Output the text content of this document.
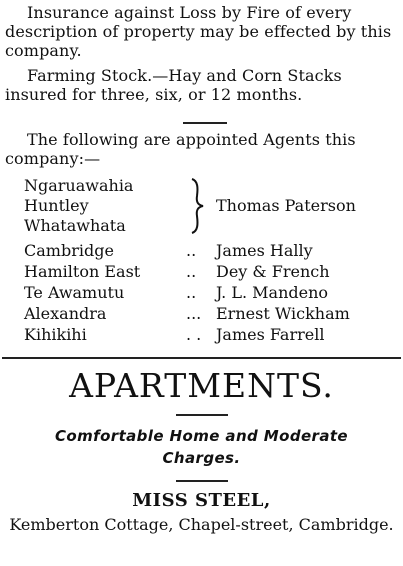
Insurance against Loss by Fire of every description of property may be effected by this company.
Farming Stock.—Hay and Corn Stacks insured for three, six, or 12 months.
The following are appointed Agents this company:—
Ngaruawahia
Huntley
Whatawhata
Thomas Paterson
Cambridge	.. James Hally
Hamilton East	.. Dey & French
Te Awamutu	.. J. L. Mandeno
Alexandra	... Ernest Wickham
Kihikihi	. . James Farrell
APARTMENTS.
Comfortable Home and Moderate
Charges.
MISS STEEL,
Kemberton Cottage, Chapel-street, Cambridge.
